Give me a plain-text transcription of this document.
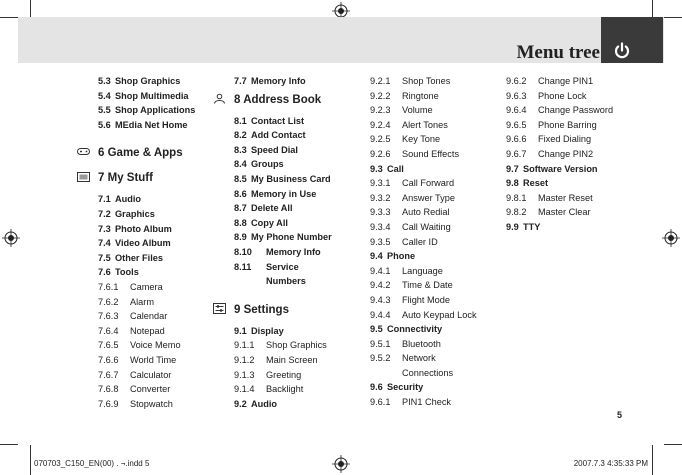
Menu tree
5.3 Shop Graphics
5.4 Shop Multimedia
5.5 Shop Applications
5.6 MEdia Net Home
6 Game & Apps
7 My Stuff
7.1 Audio
7.2 Graphics
7.3 Photo Album
7.4 Video Album
7.5 Other Files
7.6 Tools
7.6.1 Camera
7.6.2 Alarm
7.6.3 Calendar
7.6.4 Notepad
7.6.5 Voice Memo
7.6.6 World Time
7.6.7 Calculator
7.6.8 Converter
7.6.9 Stopwatch
7.7 Memory Info
8 Address Book
8.1 Contact List
8.2 Add Contact
8.3 Speed Dial
8.4 Groups
8.5 My Business Card
8.6 Memory in Use
8.7 Delete All
8.8 Copy All
8.9 My Phone Number
8.10 Memory Info
8.11 Service
Numbers
9 Settings
9.1 Display
9.1.1 Shop Graphics
9.1.2 Main Screen
9.1.3 Greeting
9.1.4 Backlight
9.2 Audio
9.2.1 Shop Tones
9.2.2 Ringtone
9.2.3 Volume
9.2.4 Alert Tones
9.2.5 Key Tone
9.2.6 Sound Effects
9.3 Call
9.3.1 Call Forward
9.3.2 Answer Type
9.3.3 Auto Redial
9.3.4 Call Waiting
9.3.5 Caller ID
9.4 Phone
9.4.1 Language
9.4.2 Time & Date
9.4.3 Flight Mode
9.4.4 Auto Keypad Lock
9.5 Connectivity
9.5.1 Bluetooth
9.5.2 Network
Connections
9.6 Security
9.6.1 PIN1 Check
9.6.2 Change PIN1
9.6.3 Phone Lock
9.6.4 Change Password
9.6.5 Phone Barring
9.6.6 Fixed Dialing
9.6.7 Change PIN2
9.7 Software Version
9.8 Reset
9.8.1 Master Reset
9.8.2 Master Clear
9.9 TTY
5
070703_C150_EN(00) . ¬.indd 5	2007.7.3 4:35:33 PM
